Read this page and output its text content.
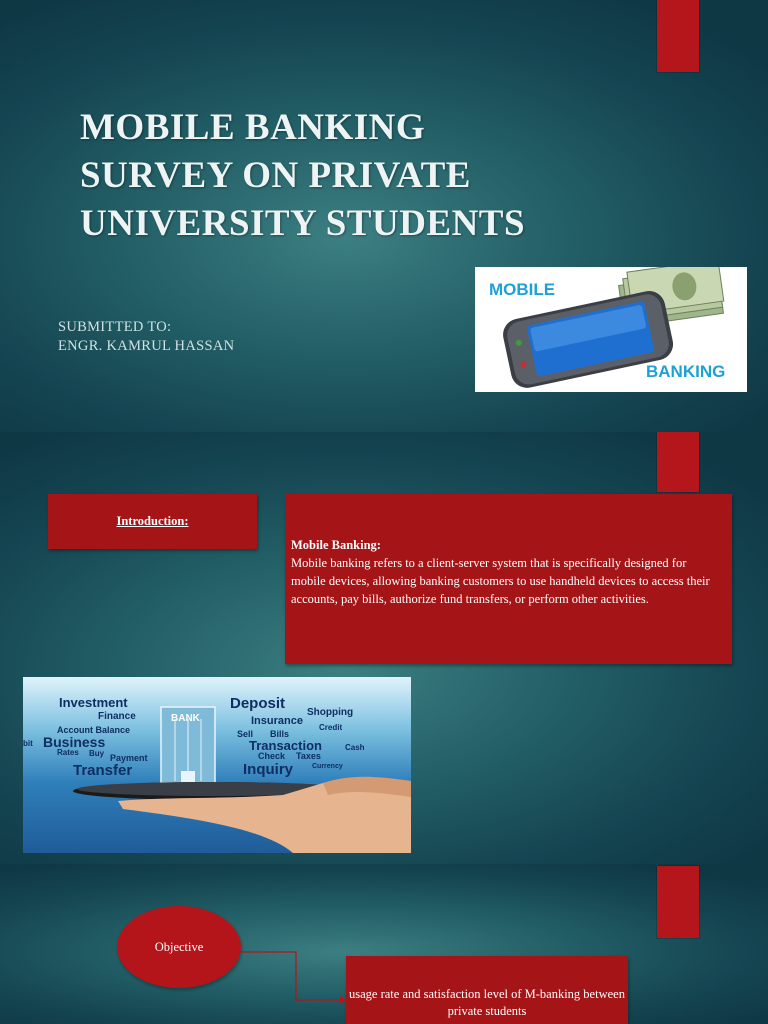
MOBILE BANKING
SURVEY ON PRIVATE
UNIVERSITY STUDENTS
SUBMITTED TO:
ENGR. KAMRUL HASSAN
MOBILE
BANKING
Introduction:
Mobile Banking:
Mobile banking refers to a client-server system that is specifically designed for mobile devices, allowing banking customers to use handheld devices to access their accounts, pay bills, authorize fund transfers, or perform other activities.
Investment
Finance
Account Balance
bit Business
Rates Buy Payment
Transfer
BANK
Deposit
Shopping
Insurance
Credit
Sell Bills
Transaction	Cash
Check Taxes
Inquiry	Currency
Objective
usage rate and satisfaction level of M-banking between private students
